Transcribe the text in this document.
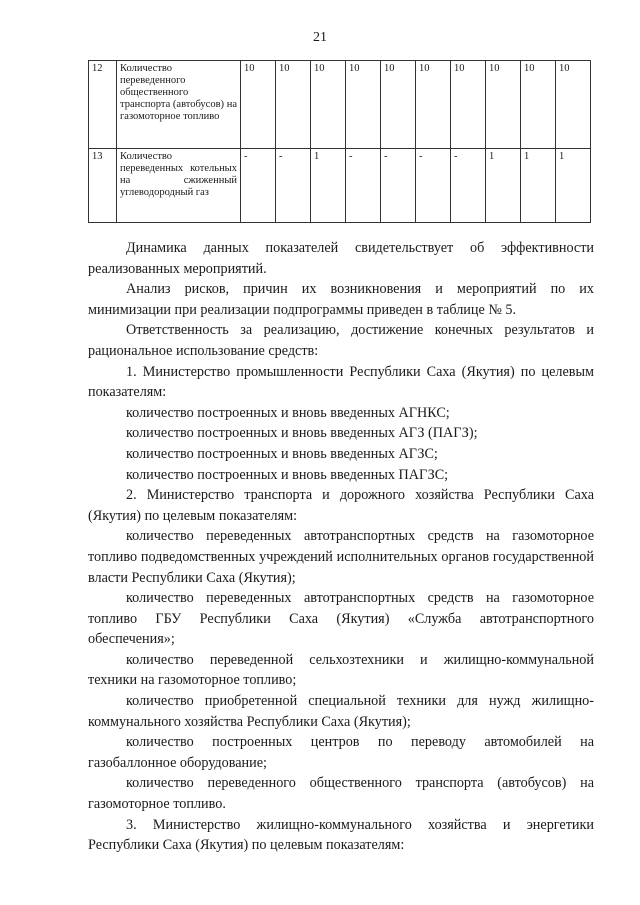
21
12	Количество переведенного общественного транспорта (автобусов) на газомоторное топливо	10	10	10	10	10	10	10	10	10	10
13	Количество переведенных котельных на сжиженный углеводородный газ	-	-	1	-	-	-	-	1	1	1

Динамика данных показателей свидетельствует об эффективности реализованных мероприятий.

Анализ рисков, причин их возникновения и мероприятий по их минимизации при реализации подпрограммы приведен в таблице № 5.

Ответственность за реализацию, достижение конечных результатов и рациональное использование средств:

1. Министерство промышленности Республики Саха (Якутия) по целевым показателям:

количество построенных и вновь введенных АГНКС;

количество построенных и вновь введенных АГЗ (ПАГЗ);

количество построенных и вновь введенных АГЗС;

количество построенных и вновь введенных ПАГЗС;

2. Министерство транспорта и дорожного хозяйства Республики Саха (Якутия) по целевым показателям:

количество переведенных автотранспортных средств на газомоторное топливо подведомственных учреждений исполнительных органов государственной власти Республики Саха (Якутия);

количество переведенных автотранспортных средств на газомоторное топливо ГБУ Республики Саха (Якутия) «Служба автотранспортного обеспечения»;

количество переведенной сельхозтехники и жилищно-коммунальной техники на газомоторное топливо;

количество приобретенной специальной техники для нужд жилищно-коммунального хозяйства Республики Саха (Якутия);

количество построенных центров по переводу автомобилей на газобаллонное оборудование;

количество переведенного общественного транспорта (автобусов) на газомоторное топливо.

3. Министерство жилищно-коммунального хозяйства и энергетики Республики Саха (Якутия) по целевым показателям:
